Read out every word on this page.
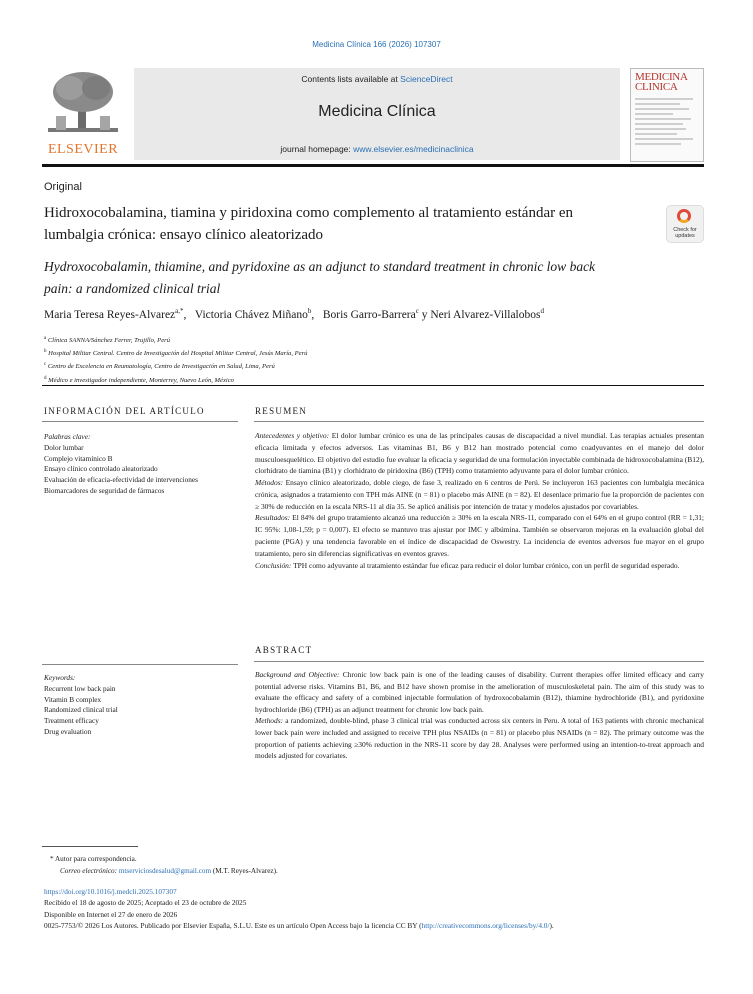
Medicina Clínica 166 (2026) 107307
ELSEVIER
Contents lists available at ScienceDirect
Medicina Clínica
journal homepage: www.elsevier.es/medicinaclinica
MEDICINA CLINICA
Original
Hidroxocobalamina, tiamina y piridoxina como complemento al tratamiento estándar en lumbalgia crónica: ensayo clínico aleatorizado	Check for updates
Hydroxocobalamin, thiamine, and pyridoxine as an adjunct to standard treatment in chronic low back pain: a randomized clinical trial
Maria Teresa Reyes-Alvarez$^{a,*}$,   Victoria Chávez Miñano$^b$,   Boris Garro-Barrera$^c$ y Neri Alvarez-Villalobos$^d$
$^a$ Clínica SANNA/Sánchez Ferrer, Trujillo, Perú
$^b$ Hospital Militar Central. Centro de Investigación del Hospital Militar Central, Jesús María, Perú
$^c$ Centro de Excelencia en Reumatología, Centro de Investigación en Salud, Lima, Perú
$^d$ Médico e investigador independiente, Monterrey, Nuevo León, México
INFORMACIÓN DEL ARTÍCULO
Palabras clave:
Dolor lumbar
Complejo vitamínico B
Ensayo clínico controlado aleatorizado
Evaluación de eficacia-efectividad de intervenciones
Biomarcadores de seguridad de fármacos
Keywords:
Recurrent low back pain
Vitamin B complex
Randomized clinical trial
Treatment efficacy
Drug evaluation
RESUMEN

Antecedentes y objetivo: El dolor lumbar crónico es una de las principales causas de discapacidad a nivel mundial. Las terapias actuales presentan eficacia limitada y efectos adversos. Las vitaminas B1, B6 y B12 han mostrado potencial como coadyuvantes en el manejo del dolor musculoesquelético. El objetivo del estudio fue evaluar la eficacia y seguridad de una formulación inyectable combinada de hidroxocobalamina (B12), clorhidrato de tiamina (B1) y clorhidrato de piridoxina (B6) (TPH) como tratamiento adyuvante para el dolor lumbar crónico.

Métodos: Ensayo clínico aleatorizado, doble ciego, de fase 3, realizado en 6 centros de Perú. Se incluyeron 163 pacientes con lumbalgia mecánica crónica, asignados a tratamiento con TPH más AINE (n = 81) o placebo más AINE (n = 82). El desenlace primario fue la proporción de pacientes con ≥ 30% de reducción en la escala NRS-11 al día 35. Se aplicó análisis por intención de tratar y modelos ajustados por covariables.

Resultados: El 84% del grupo tratamiento alcanzó una reducción ≥ 30% en la escala NRS-11, comparado con el 64% en el grupo control (RR = 1,31; IC 95%: 1,08-1,59; p = 0,007). El efecto se mantuvo tras ajustar por IMC y albúmina. También se observaron mejoras en la evaluación global del paciente (PGA) y una tendencia favorable en el índice de discapacidad de Oswestry. La incidencia de eventos adversos fue mayor en el grupo tratamiento, pero sin diferencias significativas en eventos graves.

Conclusión: TPH como adyuvante al tratamiento estándar fue eficaz para reducir el dolor lumbar crónico, con un perfil de seguridad esperado.

ABSTRACT

Background and Objective: Chronic low back pain is one of the leading causes of disability. Current therapies offer limited efficacy and carry potential adverse risks. Vitamins B1, B6, and B12 have shown promise in the amelioration of musculoskeletal pain. The aim of this study was to evaluate the efficacy and safety of a combined injectable formulation of hydroxocobalamin (B12), thiamine hydrochloride (B1), and pyridoxine hydrochloride (B6) (TPH) as an adjunct treatment for chronic low back pain.

Methods: a randomized, double-blind, phase 3 clinical trial was conducted across six centers in Peru. A total of 163 patients with chronic mechanical lower back pain were included and assigned to receive TPH plus NSAIDs (n = 81) or placebo plus NSAIDs (n = 82). The primary outcome was the proportion of patients achieving ≥30% reduction in the NRS-11 score by day 28. Analyses were performed using an intention-to-treat approach and models adjusted for covariates.

* Autor para correspondencia.
Correo electrónico: mtserviciosdesalud@gmail.com (M.T. Reyes-Alvarez).
https://doi.org/10.1016/j.medcli.2025.107307
Recibido el 18 de agosto de 2025; Aceptado el 23 de octubre de 2025
Disponible en Internet el 27 de enero de 2026
0025-7753/© 2026 Los Autores. Publicado por Elsevier España, S.L.U. Este es un artículo Open Access bajo la licencia CC BY (http://creativecommons.org/licenses/by/4.0/).
